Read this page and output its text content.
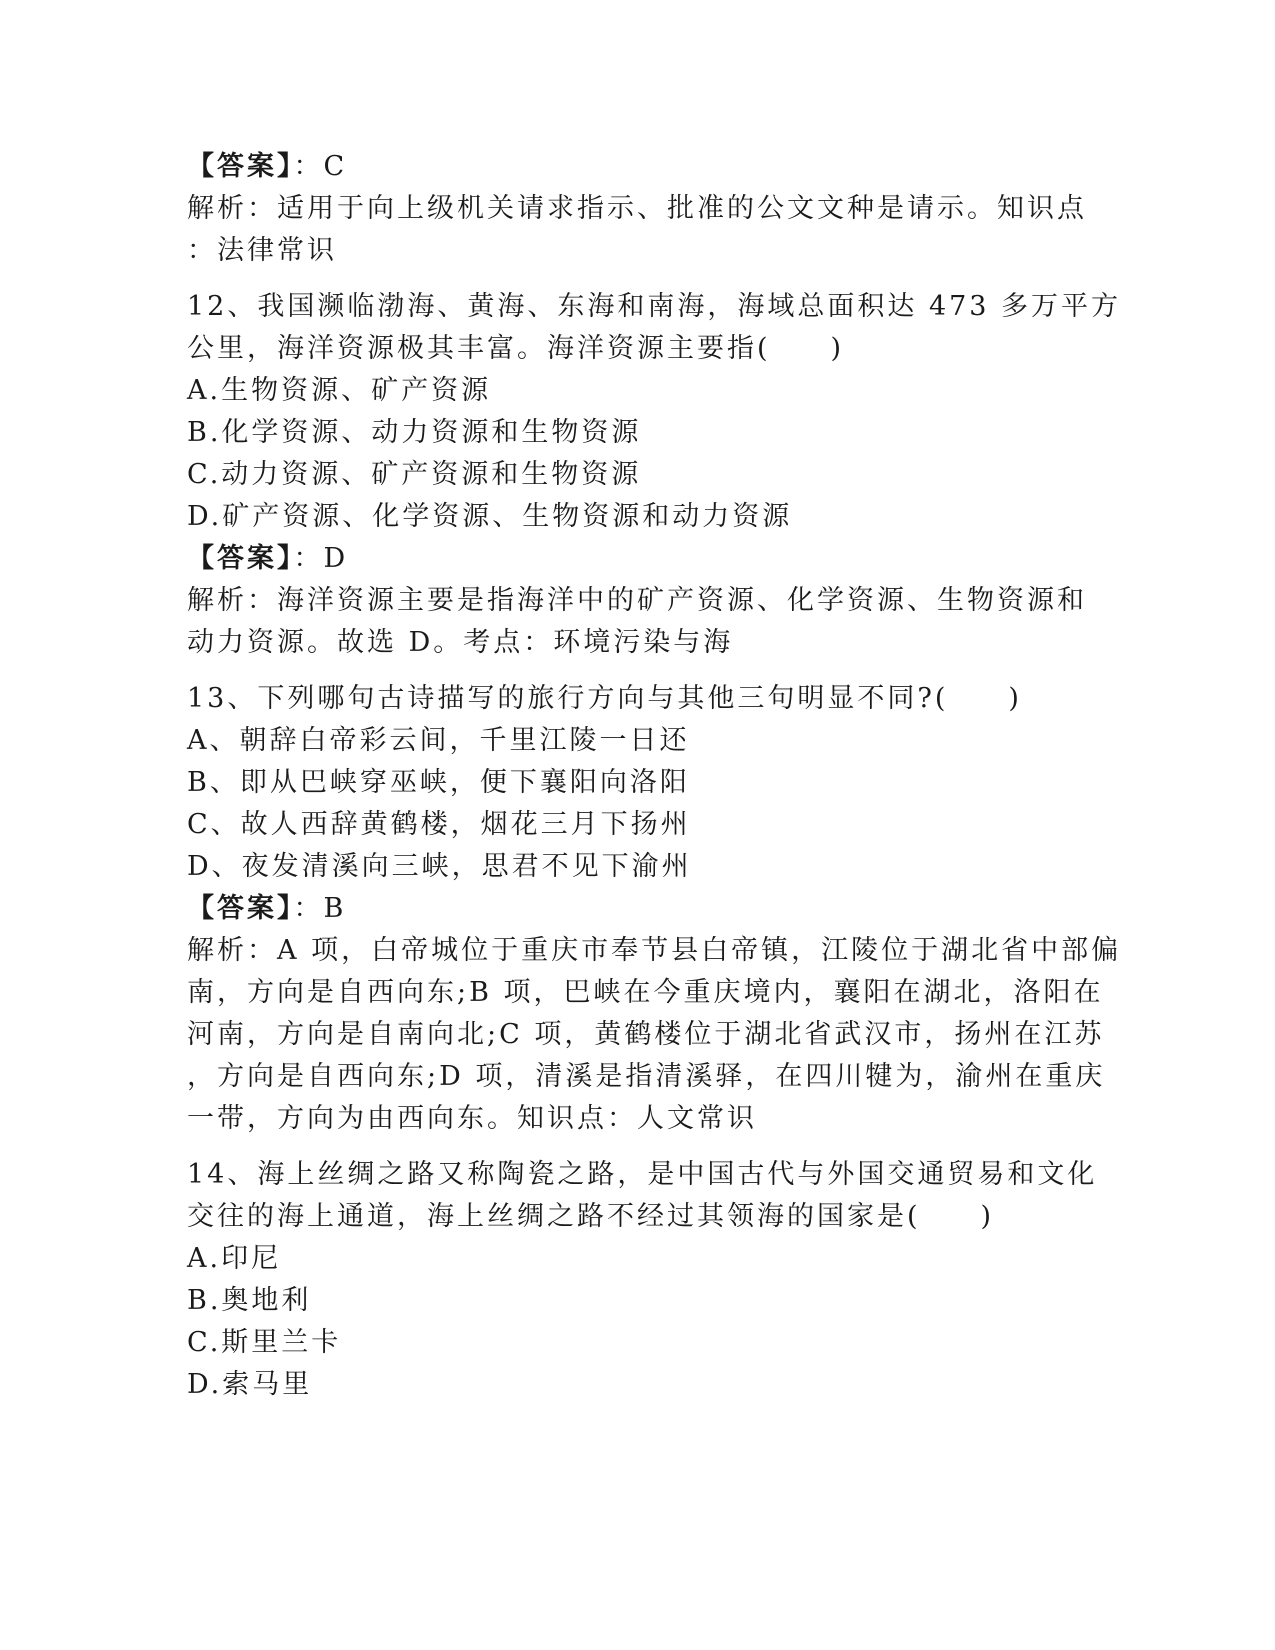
【答案】：C
解析：适用于向上级机关请求指示、批准的公文文种是请示。知识点
：法律常识
12、我国濒临渤海、黄海、东海和南海，海域总面积达 473 多万平方
公里，海洋资源极其丰富。海洋资源主要指(　　)
A.生物资源、矿产资源
B.化学资源、动力资源和生物资源
C.动力资源、矿产资源和生物资源
D.矿产资源、化学资源、生物资源和动力资源
【答案】：D
解析：海洋资源主要是指海洋中的矿产资源、化学资源、生物资源和
动力资源。故选 D。考点：环境污染与海
13、下列哪句古诗描写的旅行方向与其他三句明显不同?(　　)
A、朝辞白帝彩云间，千里江陵一日还
B、即从巴峡穿巫峡，便下襄阳向洛阳
C、故人西辞黄鹤楼，烟花三月下扬州
D、夜发清溪向三峡，思君不见下渝州
【答案】：B
解析：A 项，白帝城位于重庆市奉节县白帝镇，江陵位于湖北省中部偏
南，方向是自西向东;B 项，巴峡在今重庆境内，襄阳在湖北，洛阳在
河南，方向是自南向北;C 项，黄鹤楼位于湖北省武汉市，扬州在江苏
，方向是自西向东;D 项，清溪是指清溪驿，在四川犍为，渝州在重庆
一带，方向为由西向东。知识点：人文常识
14、海上丝绸之路又称陶瓷之路，是中国古代与外国交通贸易和文化
交往的海上通道，海上丝绸之路不经过其领海的国家是(　　)
A.印尼
B.奥地利
C.斯里兰卡
D.索马里
